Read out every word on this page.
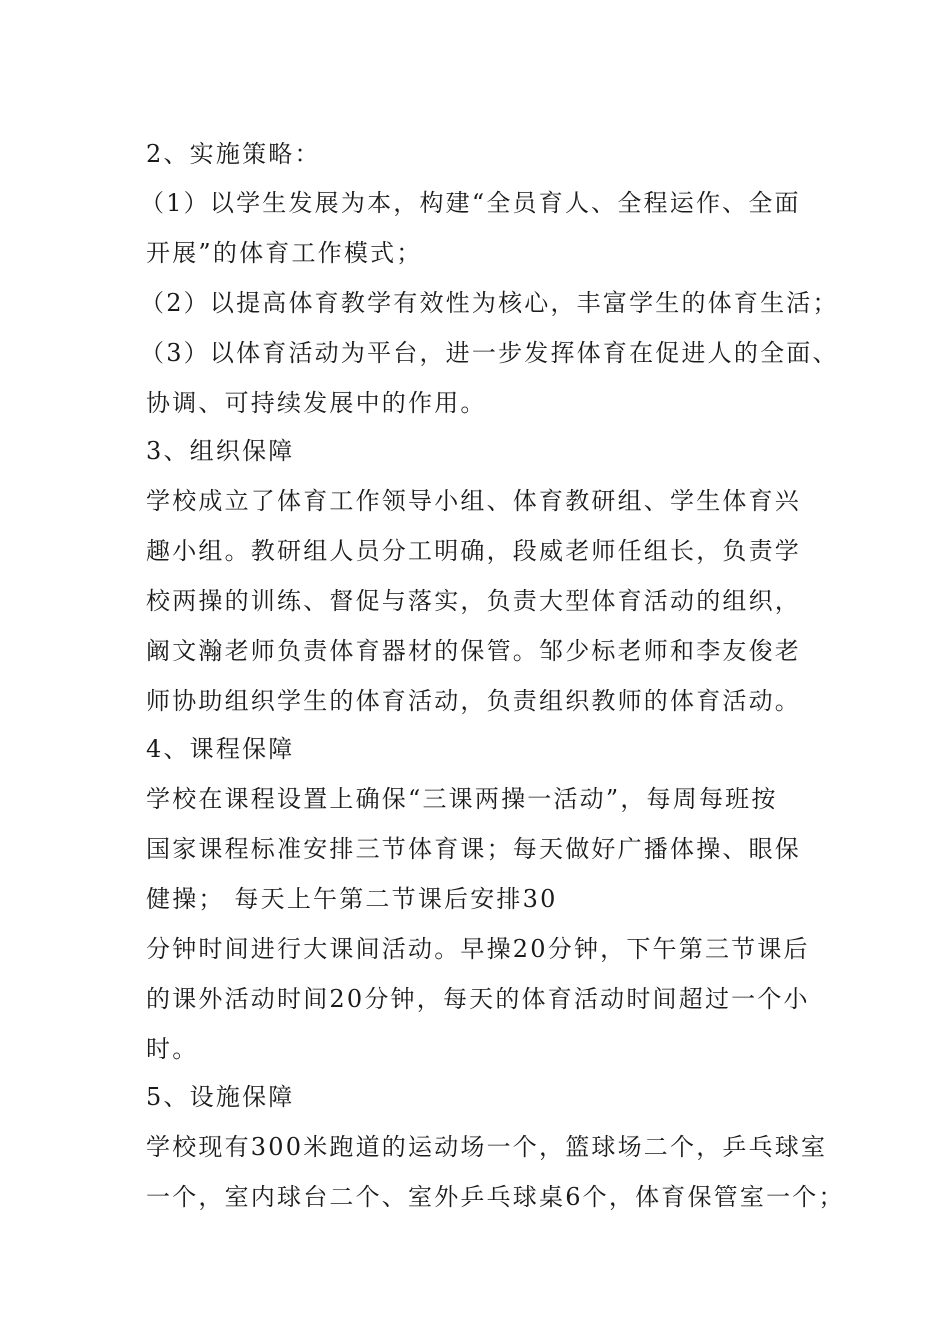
2、实施策略：
（1）以学生发展为本，构建“全员育人、全程运作、全面
开展”的体育工作模式；
（2）以提高体育教学有效性为核心，丰富学生的体育生活；
（3）以体育活动为平台，进一步发挥体育在促进人的全面、
协调、可持续发展中的作用。
3、组织保障
学校成立了体育工作领导小组、体育教研组、学生体育兴
趣小组。教研组人员分工明确，段威老师任组长，负责学
校两操的训练、督促与落实，负责大型体育活动的组织，
阚文瀚老师负责体育器材的保管。邹少标老师和李友俊老
师协助组织学生的体育活动，负责组织教师的体育活动。
4、课程保障
学校在课程设置上确保“三课两操一活动”，每周每班按
国家课程标准安排三节体育课；每天做好广播体操、眼保
健操； 每天上午第二节课后安排30
分钟时间进行大课间活动。早操20分钟，下午第三节课后
的课外活动时间20分钟，每天的体育活动时间超过一个小
时。
5、设施保障
学校现有300米跑道的运动场一个，篮球场二个，乒乓球室
一个，室内球台二个、室外乒乓球桌6个，体育保管室一个；
